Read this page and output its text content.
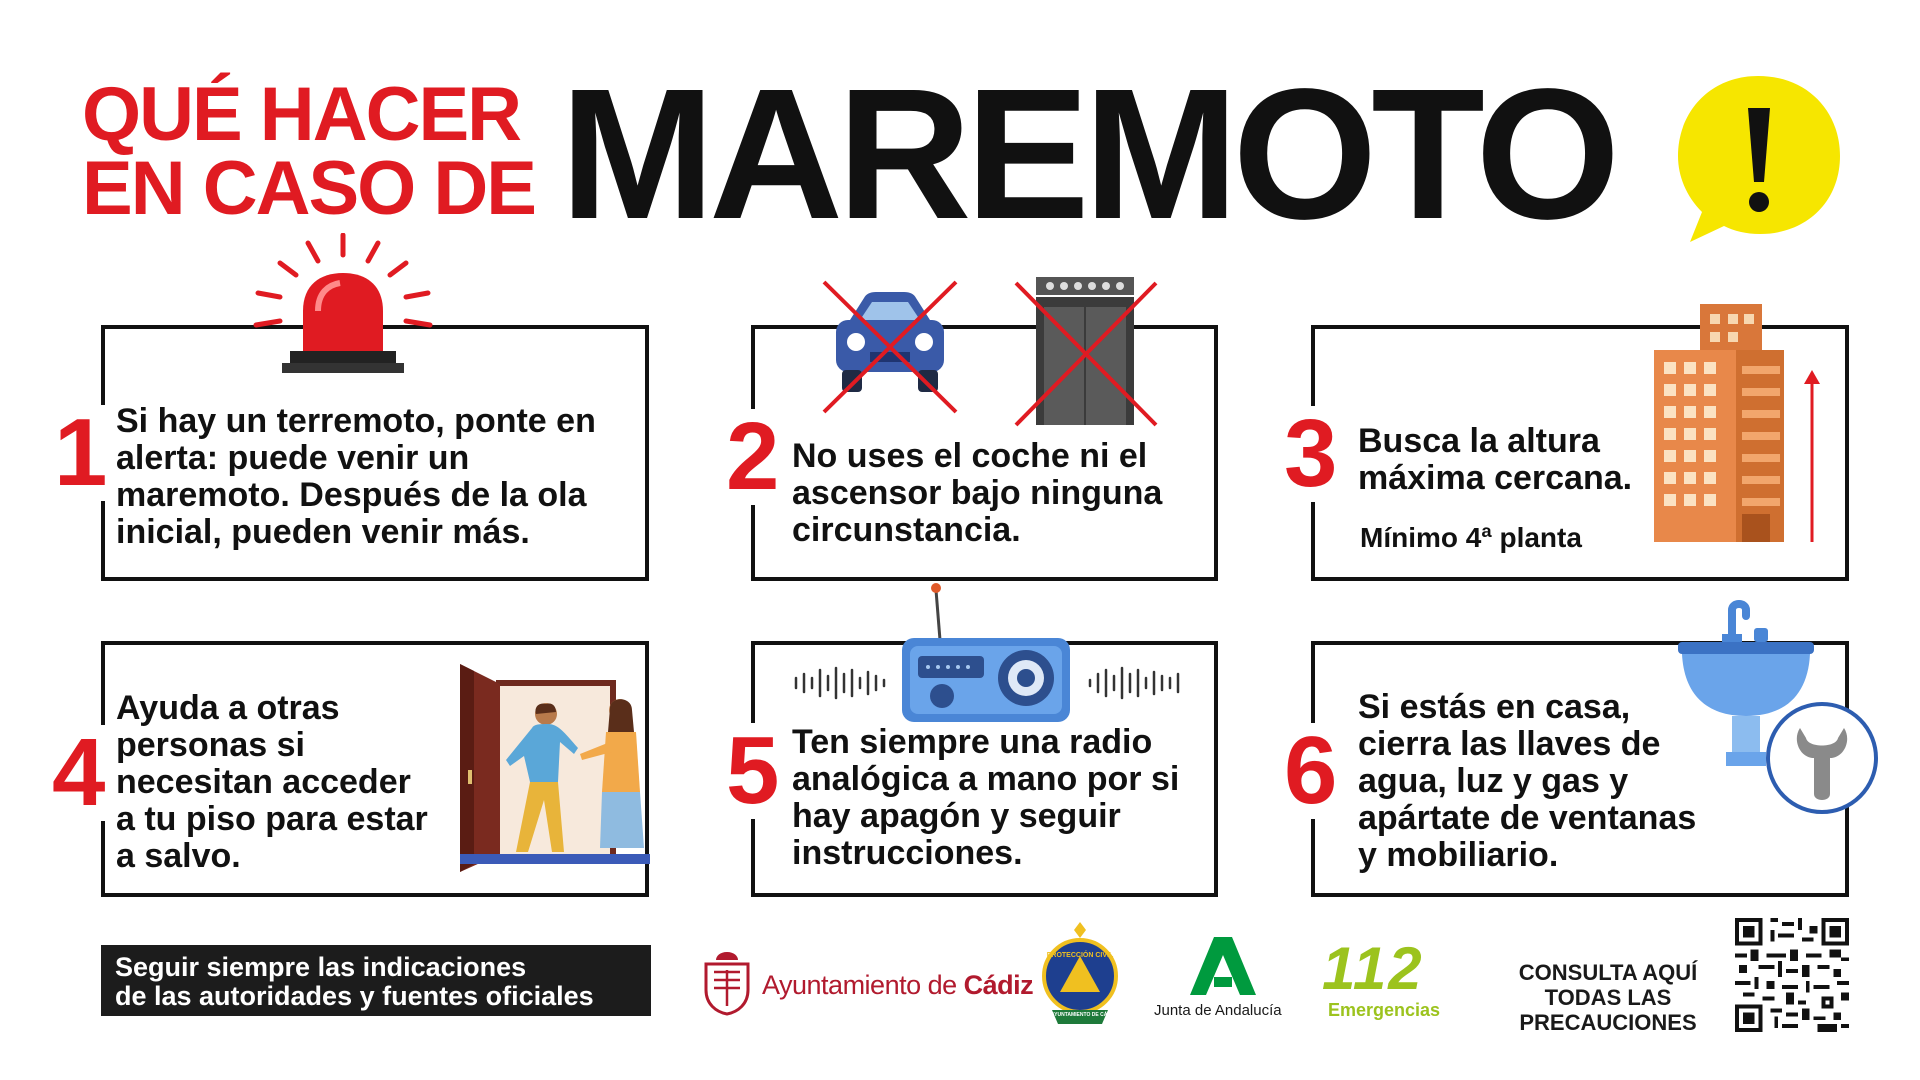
QUÉ HACER
EN CASO DE MAREMOTO
1 Si hay un terremoto, ponte en
alerta: puede venir un
maremoto. Después de la ola
inicial, pueden venir más.
2 No uses el coche ni el
ascensor bajo ninguna
circunstancia.
3 Busca la altura
máxima cercana.
Mínimo 4ª planta
4
Ayuda a otras
personas si
necesitan acceder
a tu piso para estar
a salvo.
5 Ten siempre una radio
analógica a mano por si
hay apagón y seguir
instrucciones.
6
Si estás en casa,
cierra las llaves de
agua, luz y gas y
apártate de ventanas
y mobiliario.
Seguir siempre las indicaciones
de las autoridades y fuentes oficiales	Ayuntamiento de Cádiz
PROTECCIÓN CIVIL
AYUNTAMIENTO DE CÁDIZ	Junta de Andalucía
112
Emergencias
CONSULTA AQUÍ
TODAS LAS
PRECAUCIONES
